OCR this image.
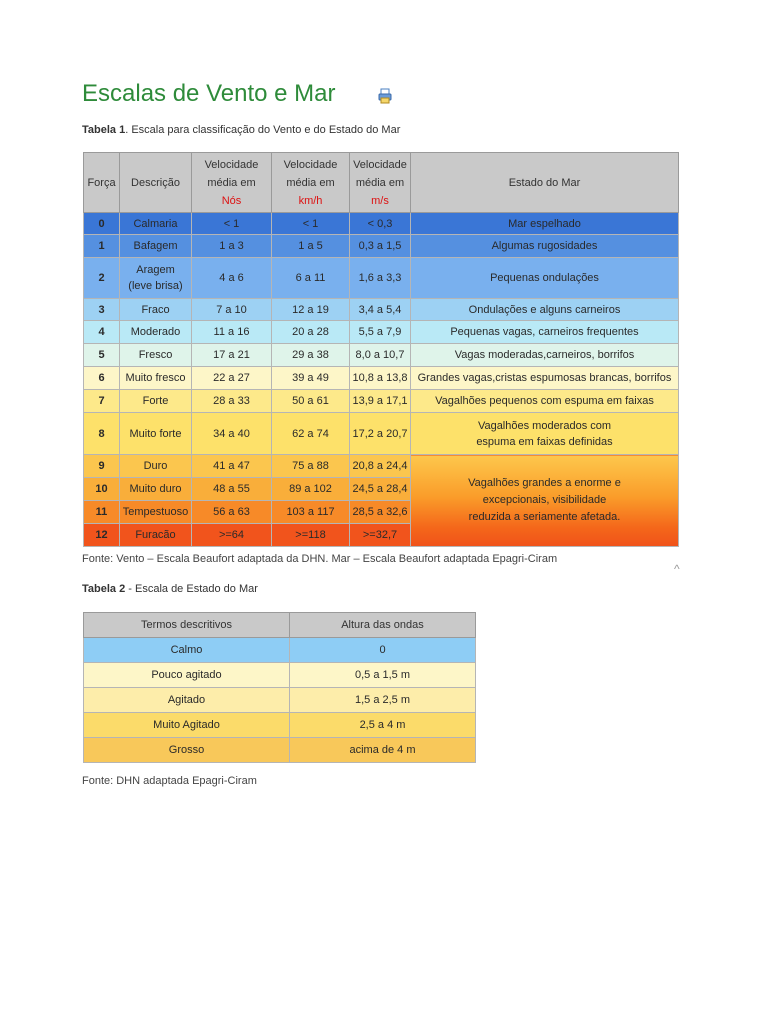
Escalas de Vento e Mar
Tabela 1. Escala para classificação do Vento e do Estado do Mar
Força	Descrição	Velocidade
média em
Nós	Velocidade
média em
km/h	Velocidade
média em
m/s	Estado do Mar
0	Calmaria	< 1	< 1	< 0,3	Mar espelhado
1	Bafagem	1 a 3	1 a 5	0,3 a 1,5	Algumas rugosidades
2	Aragem
(leve brisa)	4 a 6	6 a 11	1,6 a 3,3	Pequenas ondulações
3	Fraco	7 a 10	12 a 19	3,4 a 5,4	Ondulações e alguns carneiros
4	Moderado	11 a 16	20 a 28	5,5 a 7,9	Pequenas vagas, carneiros frequentes
5	Fresco	17 a 21	29 a 38	8,0 a 10,7	Vagas moderadas,carneiros, borrifos
6	Muito fresco	22 a 27	39 a 49	10,8 a 13,8	Grandes vagas,cristas espumosas brancas, borrifos
7	Forte	28 a 33	50 a 61	13,9 a 17,1	Vagalhões pequenos com espuma em faixas
8	Muito forte	34 a 40	62 a 74	17,2 a 20,7	Vagalhões moderados com
espuma em faixas definidas
9	Duro	41 a 47	75 a 88	20,8 a 24,4	Vagalhões grandes a enorme e
excepcionais, visibilidade
reduzida a seriamente afetada.
10	Muito duro	48 a 55	89 a 102	24,5 a 28,4	
11	Tempestuoso	56 a 63	103 a 117	28,5 a 32,6	
12	Furacão	>=64	>=118	>=32,7	
Fonte: Vento – Escala Beaufort adaptada da DHN. Mar – Escala Beaufort adaptada Epagri-Ciram
^
Tabela 2 - Escala de Estado do Mar
Termos descritivos	Altura das ondas
Calmo	0
Pouco agitado	0,5 a 1,5 m
Agitado	1,5 a 2,5 m
Muito Agitado	2,5 a 4 m
Grosso	acima de 4 m
Fonte: DHN adaptada Epagri-Ciram
